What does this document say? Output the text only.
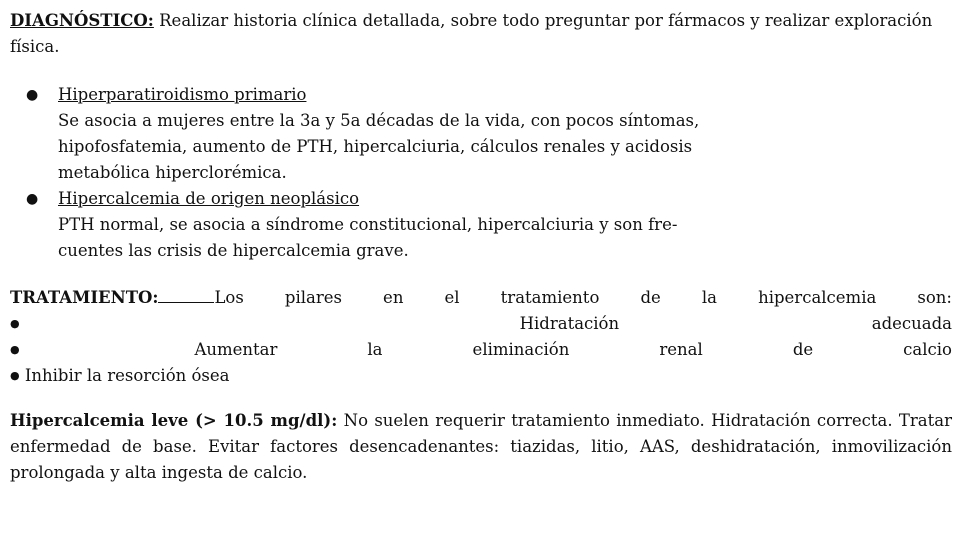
DIAGNÓSTICO: Realizar historia clínica detallada, sobre todo preguntar por fármacos y realizar exploración física.

● Hiperparatiroidismo primario
Se asocia a mujeres entre la 3a y 5a décadas de la vida, con pocos síntomas, hipofosfatemia, aumento de PTH, hipercalciuria, cálculos renales y acidosis metabólica hiperclorémica.
● Hipercalcemia de origen neoplásico
PTH normal, se asocia a síndrome constitucional, hipercalciuria y son fre-cuentes las crisis de hipercalcemia grave.
TRATAMIENTO:	Los pilares en el tratamiento de la hipercalcemia son:
●	Hidratación adecuada
●	Aumentar la eliminación renal de calcio
● Inhibir la resorción ósea

Hipercalcemia leve (> 10.5 mg/dl): No suelen requerir tratamiento inmediato. Hidratación correcta. Tratar enfermedad de base. Evitar factores desencadenantes: tiazidas, litio, AAS, deshidratación, inmovilización prolongada y alta ingesta de calcio.
